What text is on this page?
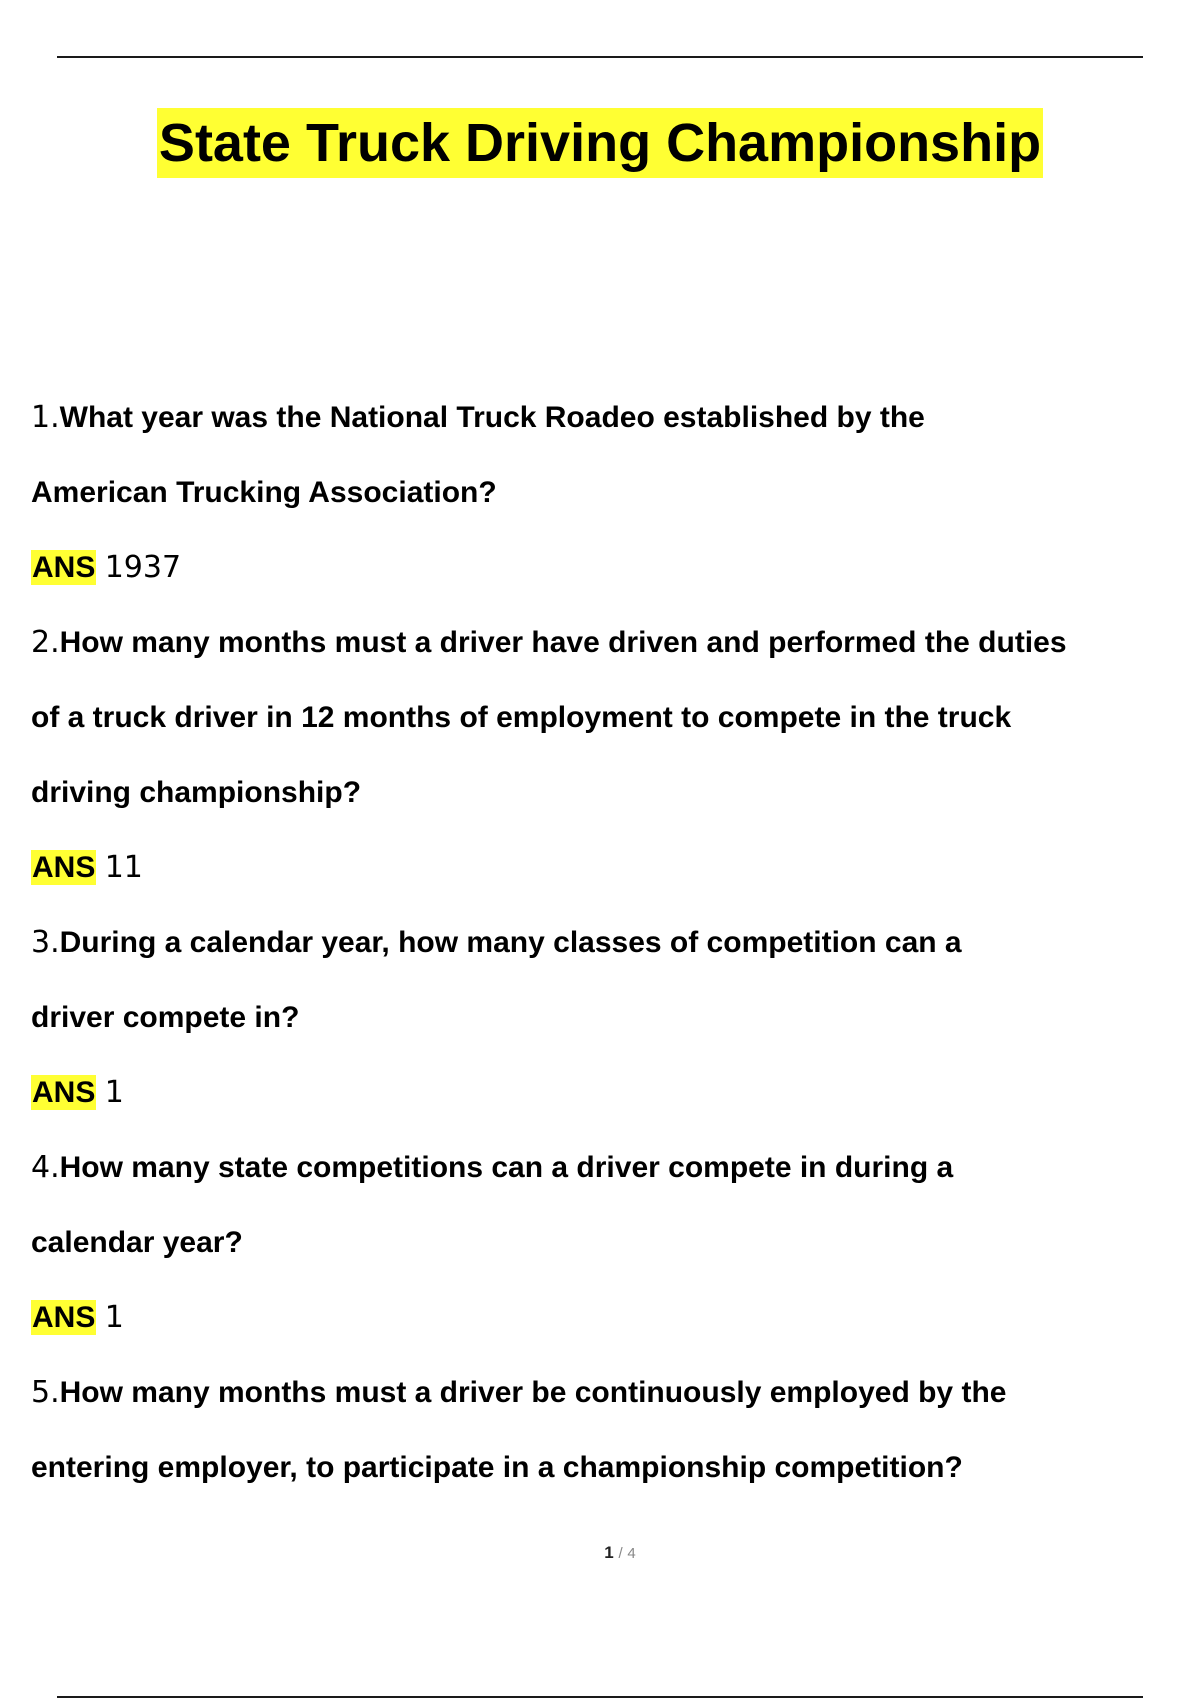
State Truck Driving Championship
1.What year was the National Truck Roadeo established by the
American Trucking Association?
ANS 1937
2.How many months must a driver have driven and performed the duties
of a truck driver in 12 months of employment to compete in the truck
driving championship?
ANS 11
3.During a calendar year, how many classes of competition can a
driver compete in?
ANS 1
4.How many state competitions can a driver compete in during a
calendar year?
ANS 1
5.How many months must a driver be continuously employed by the
entering employer, to participate in a championship competition?
1 / 4
